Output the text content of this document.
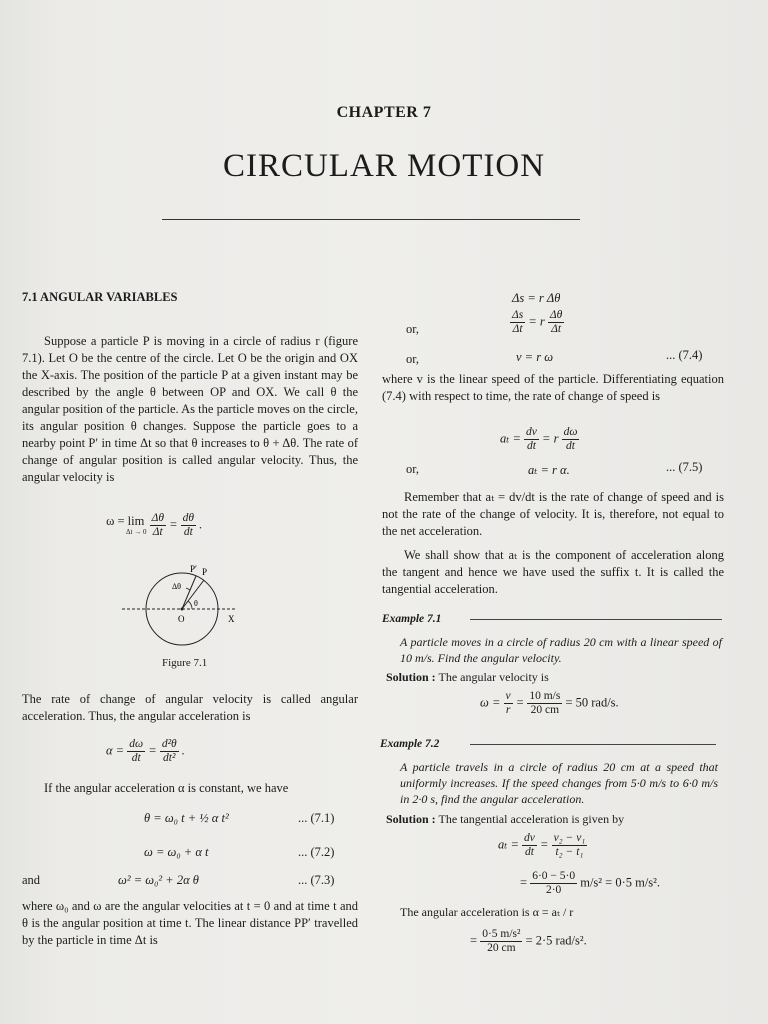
CHAPTER 7
CIRCULAR MOTION
7.1 ANGULAR VARIABLES
Suppose a particle P is moving in a circle of radius r (figure 7.1). Let O be the centre of the circle. Let O be the origin and OX the X-axis. The position of the particle P at a given instant may be described by the angle θ between OP and OX. We call θ the angular position of the particle. As the particle moves on the circle, its angular position θ changes. Suppose the particle goes to a nearby point P′ in time Δt so that θ increases to θ + Δθ. The rate of change of angular position is called angular velocity. Thus, the angular velocity is
ω = lim
Δt → 0
$\frac{\Delta\theta}{\Delta t} = \frac{d\theta}{dt}$ .
P′ P
Δθ
θ
O	X
Figure 7.1
The rate of change of angular velocity is called angular acceleration. Thus, the angular acceleration is
$\alpha = \frac{d\omega}{dt} = \frac{\text{d²θ}}{\text{dt²}}$ .
If the angular acceleration α is constant, we have
θ = ω₀ t + ½ α t²	... (7.1)
ω = ω₀ + α t	... (7.2)
and	ω² = ω₀² + 2α θ	... (7.3)
where ω₀ and ω are the angular velocities at t = 0 and at time t and θ is the angular position at time t. The linear distance PP′ travelled by the particle in time Δt is
Δs = r Δθ
or,	$\frac{\Delta s}{\Delta t} = r \frac{\Delta\theta}{\Delta t}$
or,	v = r ω	... (7.4)
where v is the linear speed of the particle. Differentiating equation (7.4) with respect to time, the rate of change of speed is
$a_t = \frac{dv}{dt} = r \frac{d\omega}{dt}$
or,	aₜ = r α.	... (7.5)
Remember that aₜ = dv/dt is the rate of change of speed and is not the rate of the change of velocity. It is, therefore, not equal to the net acceleration.
We shall show that aₜ is the component of acceleration along the tangent and hence we have used the suffix t. It is called the tangential acceleration.
Example 7.1
A particle moves in a circle of radius 20 cm with a linear speed of 10 m/s. Find the angular velocity.
Solution : The angular velocity is
$\omega = \frac{v}{r} = \frac{10 m/s}{20 cm} = 50$ rad/s.
Example 7.2
A particle travels in a circle of radius 20 cm at a speed that uniformly increases. If the speed changes from 5·0 m/s to 6·0 m/s in 2·0 s, find the angular acceleration.
Solution : The tangential acceleration is given by
$a_t = \frac{dv}{dt} = \frac{\text{v₂ − v₁}}{\text{t₂ − t₁}}$
= $\frac{6\cdot 0 - 5\cdot 0}{2\cdot 0} m/s^2 = 0\cdot 5$ m/s².
The angular acceleration is α = aₜ / r
= $\frac{\text{0·5 m/s²}}{20 cm} = 2\cdot 5$ rad/s².
